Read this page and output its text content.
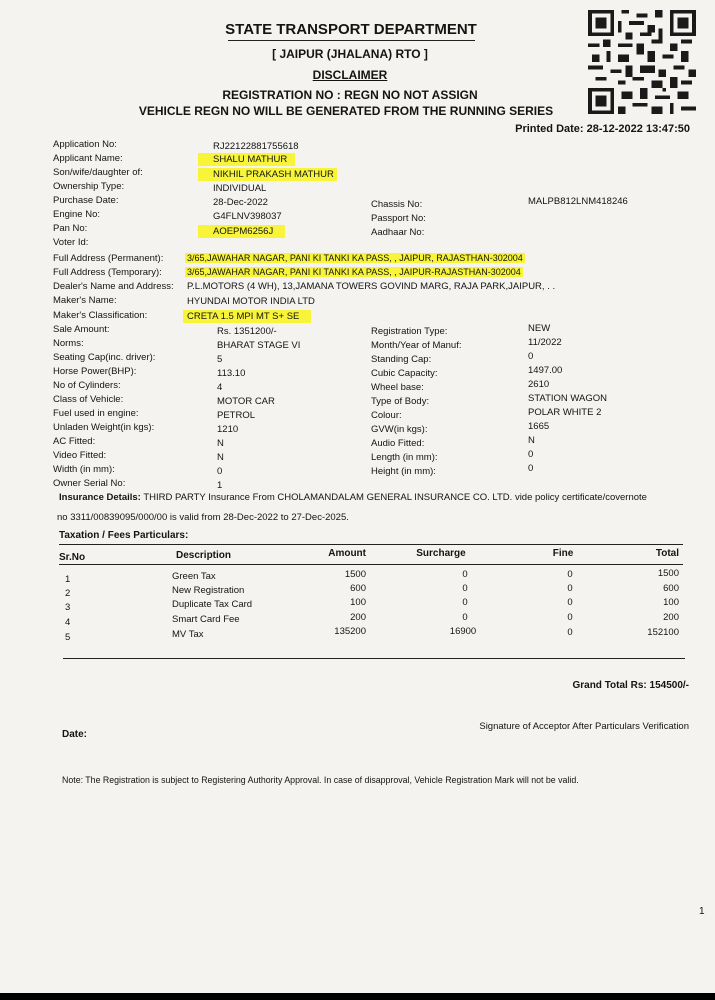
STATE TRANSPORT DEPARTMENT
[ JAIPUR (JHALANA) RTO ]
DISCLAIMER
REGISTRATION NO : REGN NO NOT ASSIGN
VEHICLE REGN NO WILL BE GENERATED FROM THE RUNNING SERIES
Printed Date: 28-12-2022 13:47:50
Application No:	RJ22122881755618
Applicant Name:	SHALU MATHUR
Son/wife/daughter of:	NIKHIL PRAKASH MATHUR
Ownership Type:	INDIVIDUAL
Purchase Date:	28-Dec-2022
Engine No:	G4FLNV398037
Pan No:	AOEPM6256J
Voter Id:
Chassis No:	MALPB812LNM418246
Passport No:
Aadhaar No:
Full Address (Permanent):	3/65,JAWAHAR NAGAR, PANI KI TANKI KA PASS, , JAIPUR, RAJASTHAN-302004
Full Address (Temporary):	3/65,JAWAHAR NAGAR, PANI KI TANKI KA PASS, , JAIPUR-RAJASTHAN-302004
Dealer's Name and Address: P.L.MOTORS (4 WH), 13,JAMANA TOWERS GOVIND MARG, RAJA PARK,JAIPUR, . .
Maker's Name:	HYUNDAI MOTOR INDIA LTD
Maker's Classification:	CRETA 1.5 MPI MT S+ SE
Sale Amount:	Rs. 1351200/-
Norms:	BHARAT STAGE VI
Seating Cap(inc. driver):	5
Horse Power(BHP):	113.10
No of Cylinders:	4
Class of Vehicle:	MOTOR CAR
Fuel used in engine:	PETROL
Unladen Weight(in kgs):	1210
AC Fitted:	N
Video Fitted:	N
Width (in mm):	0
Owner Serial No:	1
Registration Type:	NEW
Month/Year of Manuf:	11/2022
Standing Cap:	0
Cubic Capacity:	1497.00
Wheel base:	2610
Type of Body:	STATION WAGON
Colour:	POLAR WHITE 2
GVW(in kgs):	1665
Audio Fitted:	N
Length (in mm):	0
Height (in mm):	0
Insurance Details: THIRD PARTY Insurance From CHOLAMANDALAM GENERAL INSURANCE CO. LTD. vide policy certificate/covernote
no 3311/00839095/000/00 is valid from 28-Dec-2022 to 27-Dec-2025.
Taxation / Fees Particulars:
Sr.No	Description	Amount	Surcharge	Fine	Total
1	Green Tax	1500	0	0	1500
2	New Registration	600	0	0	600
3	Duplicate Tax Card	100	0	0	100
4	Smart Card Fee	200	0	0	200
5	MV Tax	135200	16900	0	152100
Grand Total Rs: 154500/-
Date:
Signature of Acceptor After Particulars Verification
Note: The Registration is subject to Registering Authority Approval. In case of disapproval, Vehicle Registration Mark will not be valid.
1
